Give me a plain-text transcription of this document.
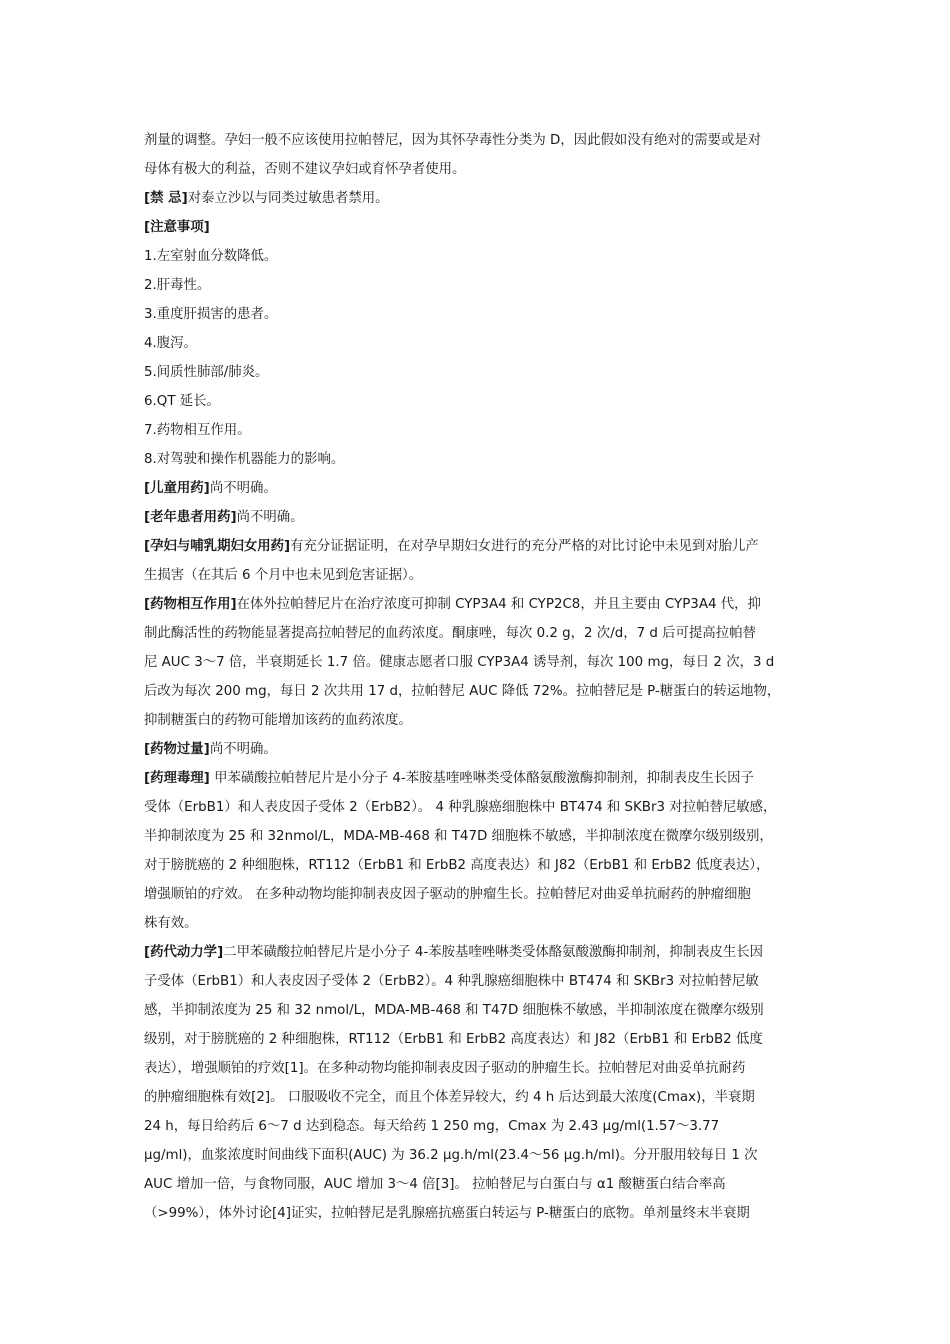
剂量的调整。孕妇一般不应该使用拉帕替尼，因为其怀孕毒性分类为 D，因此假如没有绝对的需要或是对
母体有极大的利益，否则不建议孕妇或育怀孕者使用。
[禁 忌]对泰立沙以与同类过敏患者禁用。
[注意事项]
1.左室射血分数降低。
2.肝毒性。
3.重度肝损害的患者。
4.腹泻。
5.间质性肺部/肺炎。
6.QT 延长。
7.药物相互作用。
8.对驾驶和操作机器能力的影响。
[儿童用药]尚不明确。
[老年患者用药]尚不明确。
[孕妇与哺乳期妇女用药]有充分证据证明，在对孕早期妇女进行的充分严格的对比讨论中未见到对胎儿产
生损害（在其后 6 个月中也未见到危害证据）。
[药物相互作用]在体外拉帕替尼片在治疗浓度可抑制 CYP3A4 和 CYP2C8，并且主要由 CYP3A4 代，抑
制此酶活性的药物能显著提高拉帕替尼的血药浓度。酮康唑，每次 0.2 g，2 次/d，7 d 后可提高拉帕替
尼 AUC 3～7 倍，半衰期延长 1.7 倍。健康志愿者口服 CYP3A4 诱导剂，每次 100 mg，每日 2 次，3 d
后改为每次 200 mg，每日 2 次共用 17 d，拉帕替尼 AUC 降低 72%。拉帕替尼是 P-糖蛋白的转运地物，
抑制糖蛋白的药物可能增加该药的血药浓度。
[药物过量]尚不明确。
[药理毒理] 甲苯磺酸拉帕替尼片是小分子 4-苯胺基喹唑啉类受体酪氨酸激酶抑制剂，抑制表皮生长因子
受体（ErbB1）和人表皮因子受体 2（ErbB2）。 4 种乳腺癌细胞株中 BT474 和 SKBr3 对拉帕替尼敏感，
半抑制浓度为 25 和 32nmol/L，MDA-MB-468 和 T47D 细胞株不敏感，半抑制浓度在微摩尔级别级别，
对于膀胱癌的 2 种细胞株，RT112（ErbB1 和 ErbB2 高度表达）和 J82（ErbB1 和 ErbB2 低度表达），
增强顺铂的疗效。 在多种动物均能抑制表皮因子驱动的肿瘤生长。拉帕替尼对曲妥单抗耐药的肿瘤细胞
株有效。
[药代动力学]二甲苯磺酸拉帕替尼片是小分子 4-苯胺基喹唑啉类受体酪氨酸激酶抑制剂，抑制表皮生长因
子受体（ErbB1）和人表皮因子受体 2（ErbB2）。4 种乳腺癌细胞株中 BT474 和 SKBr3 对拉帕替尼敏
感，半抑制浓度为 25 和 32 nmol/L，MDA-MB-468 和 T47D 细胞株不敏感，半抑制浓度在微摩尔级别
级别，对于膀胱癌的 2 种细胞株，RT112（ErbB1 和 ErbB2 高度表达）和 J82（ErbB1 和 ErbB2 低度
表达），增强顺铂的疗效[1]。在多种动物均能抑制表皮因子驱动的肿瘤生长。拉帕替尼对曲妥单抗耐药
的肿瘤细胞株有效[2]。 口服吸收不完全，而且个体差异较大，约 4 h 后达到最大浓度(Cmax)，半衰期
24 h，每日给药后 6～7 d 达到稳态。每天给药 1 250 mg，Cmax 为 2.43 μg/ml(1.57～3.77
μg/ml)，血浆浓度时间曲线下面积(AUC) 为 36.2 μg.h/ml(23.4～56 μg.h/ml)。分开服用较每日 1 次
AUC 增加一倍，与食物同服，AUC 增加 3～4 倍[3]。 拉帕替尼与白蛋白与 α1 酸糖蛋白结合率高
（>99%），体外讨论[4]证实，拉帕替尼是乳腺癌抗癌蛋白转运与 P-糖蛋白的底物。单剂量终末半衰期
